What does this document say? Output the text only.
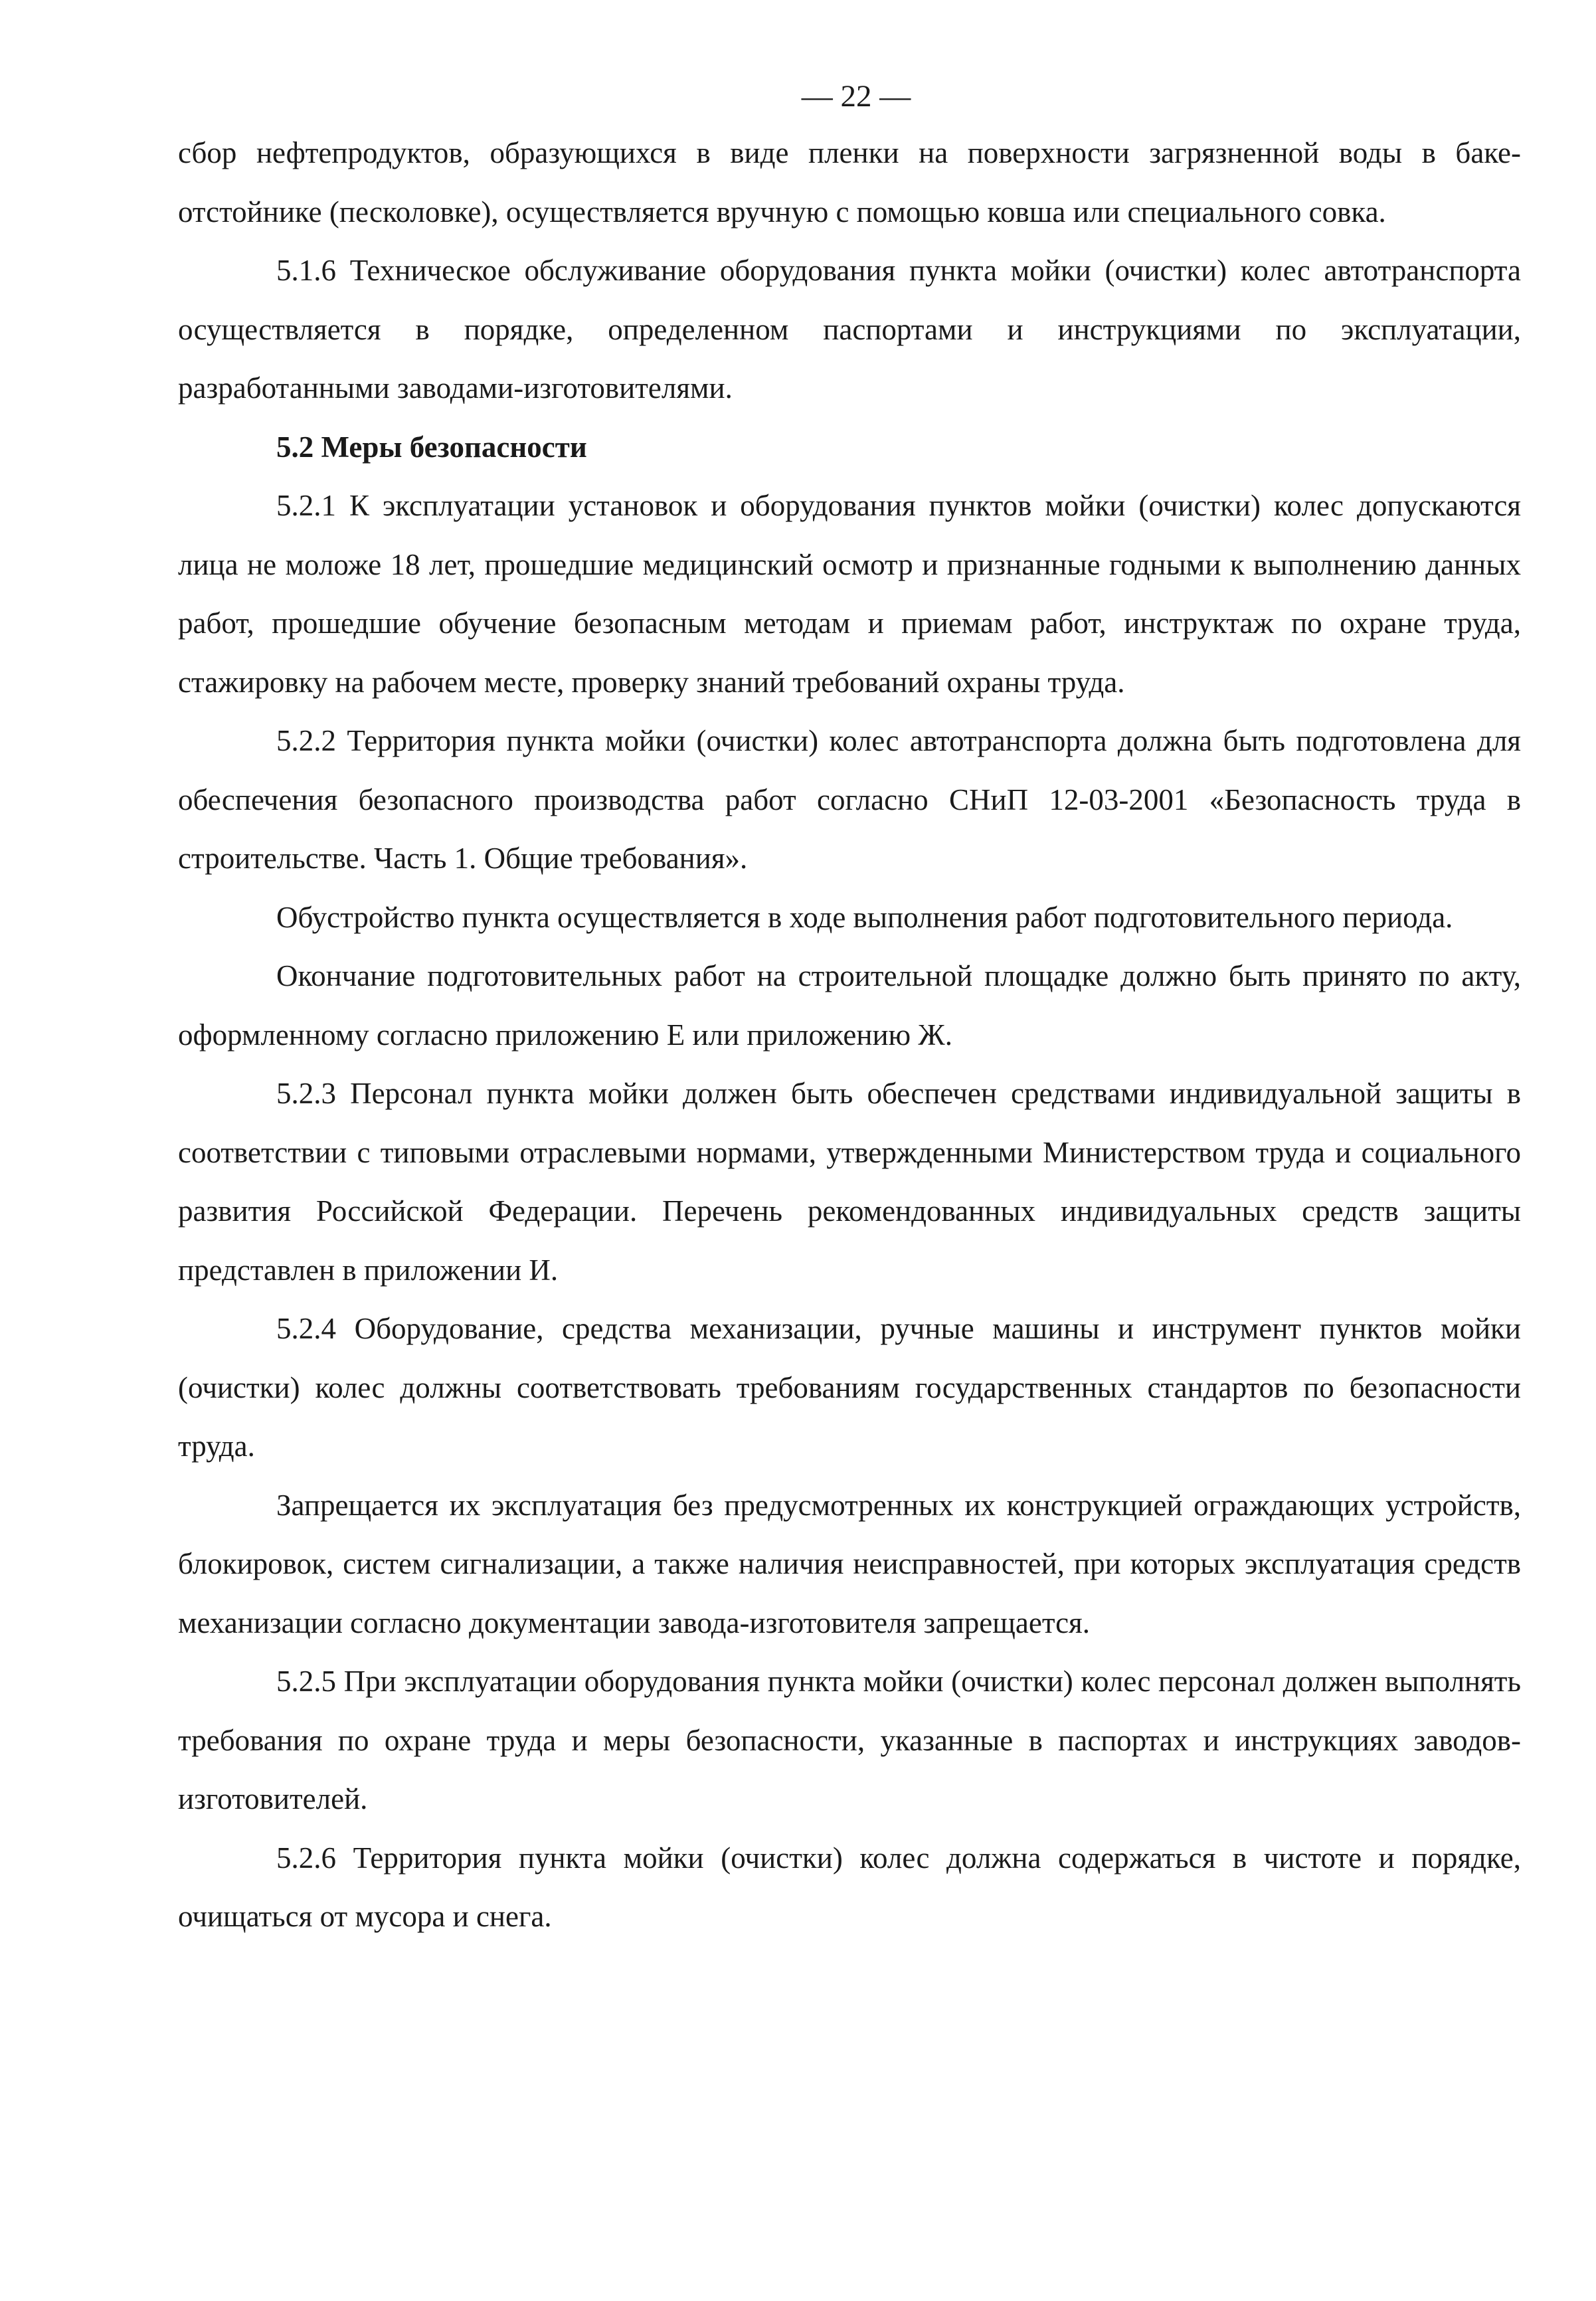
— 22 —

сбор нефтепродуктов, образующихся в виде пленки на поверхности загрязненной воды в баке-отстойнике (песколовке), осуществляется вручную с помощью ковша или специального совка.

5.1.6 Техническое обслуживание оборудования пункта мойки (очистки) колес автотранспорта осуществляется в порядке, определенном паспортами и инструкциями по эксплуатации, разработанными заводами-изготовителями.

5.2 Меры безопасности

5.2.1 К эксплуатации установок и оборудования пунктов мойки (очистки) колес допускаются лица не моложе 18 лет, прошедшие медицинский осмотр и признанные годными к выполнению данных работ, прошедшие обучение безопасным методам и приемам работ, инструктаж по охране труда, стажировку на рабочем месте, проверку знаний требований охраны труда.

5.2.2 Территория пункта мойки (очистки) колес автотранспорта должна быть подготовлена для обеспечения безопасного производства работ согласно СНиП 12-03-2001 «Безопасность труда в строительстве. Часть 1. Общие требования».

Обустройство пункта осуществляется в ходе выполнения работ подготовительного периода.

Окончание подготовительных работ на строительной площадке должно быть принято по акту, оформленному согласно приложению Е или приложению Ж.

5.2.3 Персонал пункта мойки должен быть обеспечен средствами индивидуальной защиты в соответствии с типовыми отраслевыми нормами, утвержденными Министерством труда и социального развития Российской Федерации. Перечень рекомендованных индивидуальных средств защиты представлен в приложении И.

5.2.4 Оборудование, средства механизации, ручные машины и инструмент пунктов мойки (очистки) колес должны соответствовать требованиям государственных стандартов по безопасности труда.

Запрещается их эксплуатация без предусмотренных их конструкцией ограждающих устройств, блокировок, систем сигнализации, а также наличия неисправностей, при которых эксплуатация средств механизации согласно документации завода-изготовителя запрещается.

5.2.5 При эксплуатации оборудования пункта мойки (очистки) колес персонал должен выполнять требования по охране труда и меры безопасности, указанные в паспортах и инструкциях заводов-изготовителей.

5.2.6 Территория пункта мойки (очистки) колес должна содержаться в чистоте и порядке, очищаться от мусора и снега.
